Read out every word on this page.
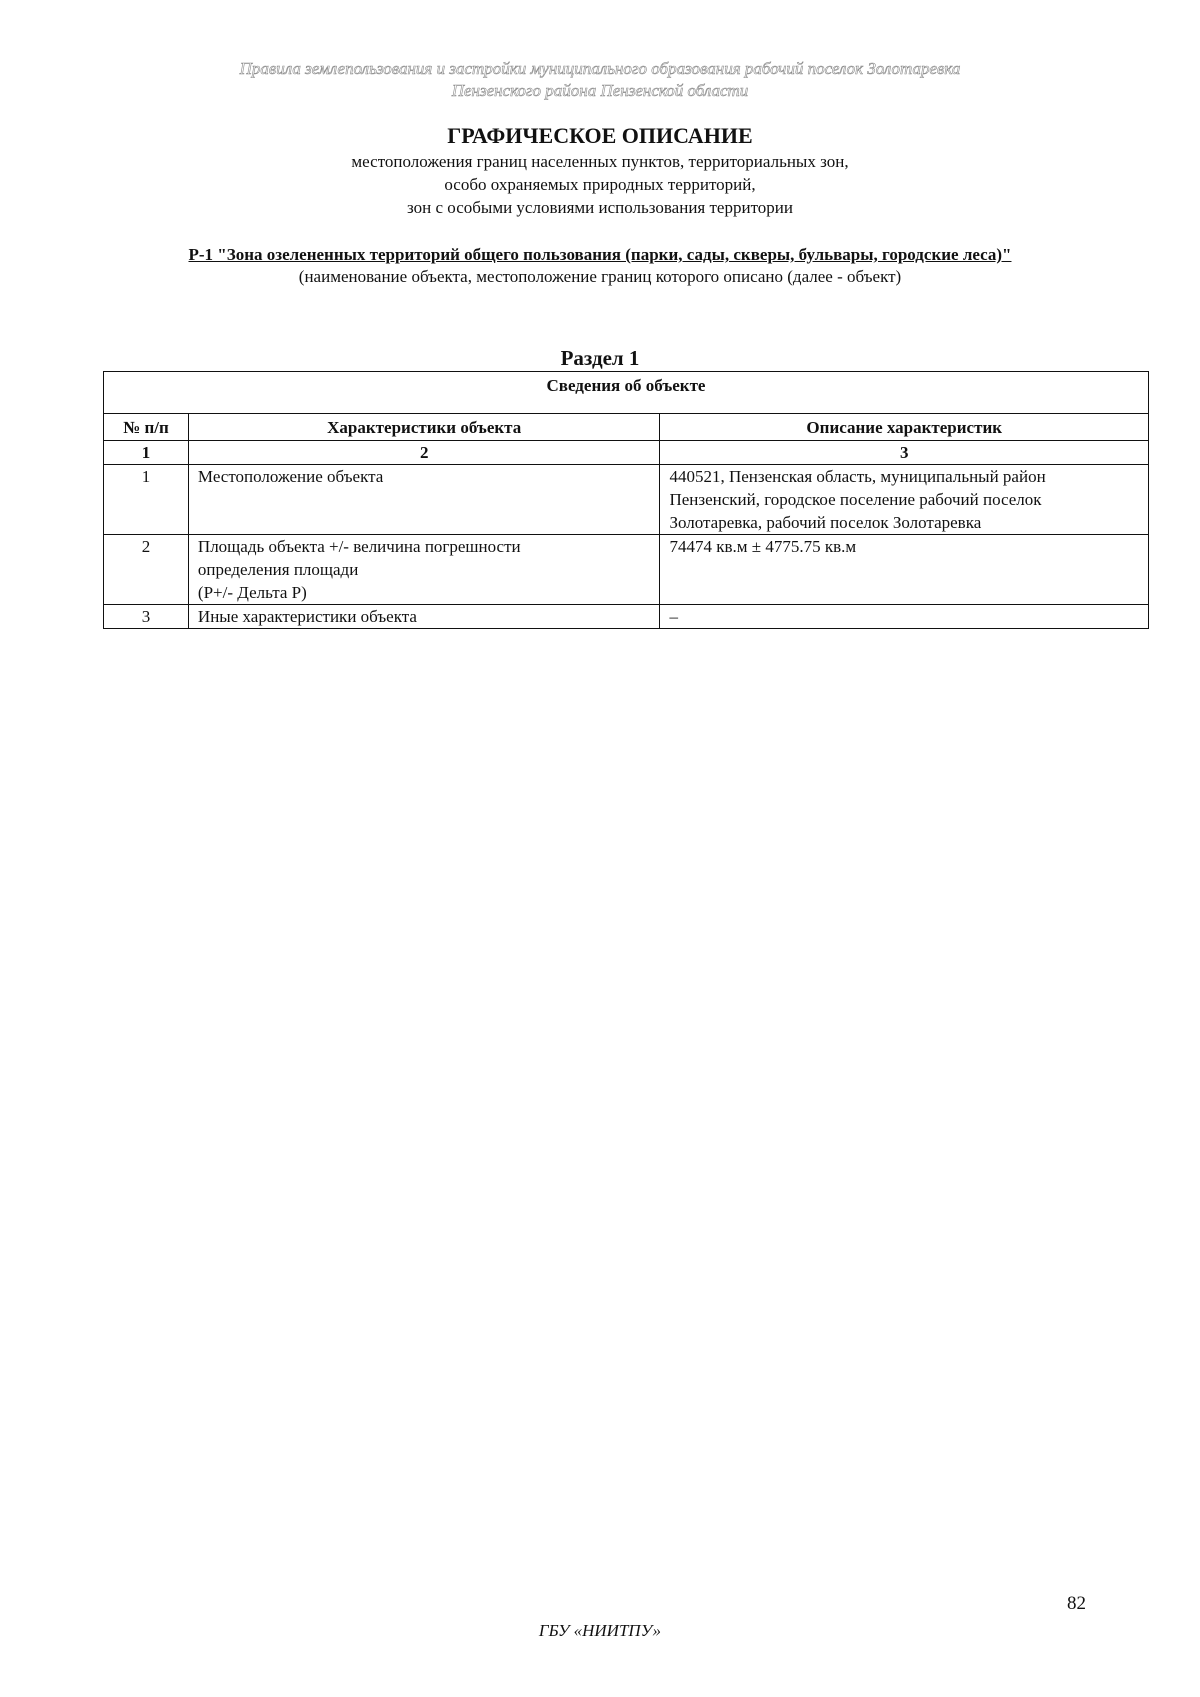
Правила землепользования и застройки муниципального образования рабочий поселок Золотаревка
Пензенского района Пензенской области
ГРАФИЧЕСКОЕ ОПИСАНИЕ
местоположения границ населенных пунктов, территориальных зон,
особо охраняемых природных территорий,
зон с особыми условиями использования территории
Р-1 "Зона озелененных территорий общего пользования (парки, сады, скверы, бульвары, городские леса)"
(наименование объекта, местоположение границ которого описано (далее - объект)
Раздел 1
Сведения об объекте		
№ п/п	Характеристики объекта	Описание характеристик
1	2	3
1	Местоположение объекта	440521, Пензенская область, муниципальный район
Пензенский, городское поселение рабочий поселок
Золотаревка, рабочий поселок Золотаревка

2	Площадь объекта +/- величина погрешности
определения площади
(P+/- Дельта P)	74474 кв.м ± 4775.75 кв.м

3	Иные характеристики объекта	–
82
ГБУ «НИИТПУ»
